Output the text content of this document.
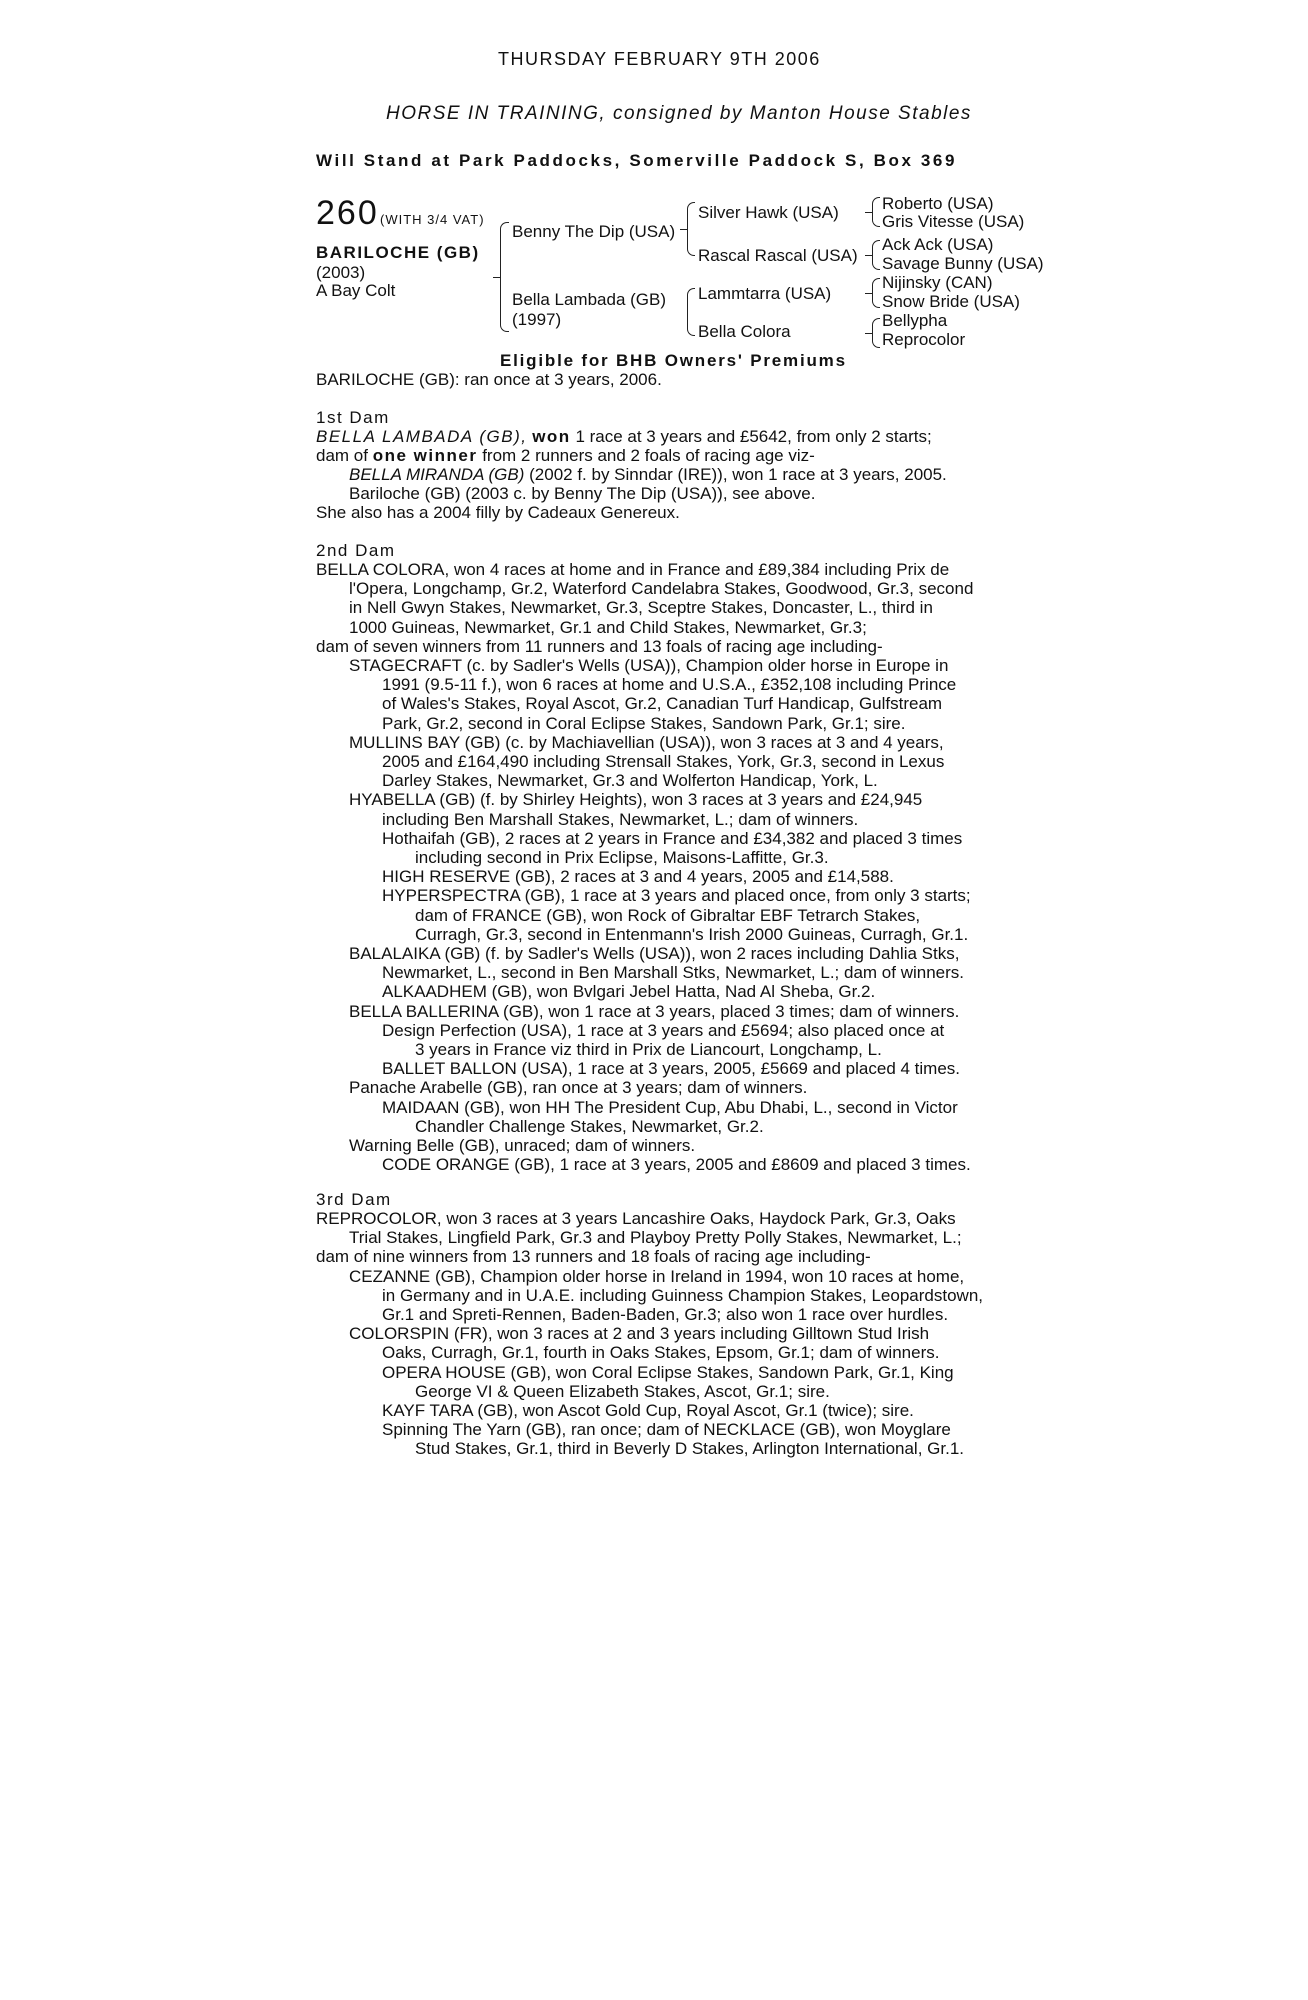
THURSDAY FEBRUARY 9TH 2006
HORSE IN TRAINING, consigned by Manton House Stables
Will Stand at Park Paddocks, Somerville Paddock S, Box 369
260 (WITH 3/4 VAT)
BARILOCHE (GB)
(2003)
A Bay Colt
Benny The Dip (USA)
Bella Lambada (GB)
(1997)
Silver Hawk (USA)
Rascal Rascal (USA)
Lammtarra (USA)
Bella Colora
Roberto (USA)
Gris Vitesse (USA)
Ack Ack (USA)
Savage Bunny (USA)
Nijinsky (CAN)
Snow Bride (USA)
Bellypha
Reprocolor
Eligible for BHB Owners' Premiums
BARILOCHE (GB): ran once at 3 years, 2006.
1st Dam
BELLA LAMBADA (GB), won 1 race at 3 years and £5642, from only 2 starts;
dam of one winner from 2 runners and 2 foals of racing age viz-
BELLA MIRANDA (GB) (2002 f. by Sinndar (IRE)), won 1 race at 3 years, 2005.
Bariloche (GB) (2003 c. by Benny The Dip (USA)), see above.
She also has a 2004 filly by Cadeaux Genereux.
2nd Dam
BELLA COLORA, won 4 races at home and in France and £89,384 including Prix de
l'Opera, Longchamp, Gr.2, Waterford Candelabra Stakes, Goodwood, Gr.3, second
in Nell Gwyn Stakes, Newmarket, Gr.3, Sceptre Stakes, Doncaster, L., third in
1000 Guineas, Newmarket, Gr.1 and Child Stakes, Newmarket, Gr.3;
dam of seven winners from 11 runners and 13 foals of racing age including-
STAGECRAFT (c. by Sadler's Wells (USA)), Champion older horse in Europe in
1991 (9.5-11 f.), won 6 races at home and U.S.A., £352,108 including Prince
of Wales's Stakes, Royal Ascot, Gr.2, Canadian Turf Handicap, Gulfstream
Park, Gr.2, second in Coral Eclipse Stakes, Sandown Park, Gr.1; sire.
MULLINS BAY (GB) (c. by Machiavellian (USA)), won 3 races at 3 and 4 years,
2005 and £164,490 including Strensall Stakes, York, Gr.3, second in Lexus
Darley Stakes, Newmarket, Gr.3 and Wolferton Handicap, York, L.
HYABELLA (GB) (f. by Shirley Heights), won 3 races at 3 years and £24,945
including Ben Marshall Stakes, Newmarket, L.; dam of winners.
Hothaifah (GB), 2 races at 2 years in France and £34,382 and placed 3 times
including second in Prix Eclipse, Maisons-Laffitte, Gr.3.
HIGH RESERVE (GB), 2 races at 3 and 4 years, 2005 and £14,588.
HYPERSPECTRA (GB), 1 race at 3 years and placed once, from only 3 starts;
dam of FRANCE (GB), won Rock of Gibraltar EBF Tetrarch Stakes,
Curragh, Gr.3, second in Entenmann's Irish 2000 Guineas, Curragh, Gr.1.
BALALAIKA (GB) (f. by Sadler's Wells (USA)), won 2 races including Dahlia Stks,
Newmarket, L., second in Ben Marshall Stks, Newmarket, L.; dam of winners.
ALKAADHEM (GB), won Bvlgari Jebel Hatta, Nad Al Sheba, Gr.2.
BELLA BALLERINA (GB), won 1 race at 3 years, placed 3 times; dam of winners.
Design Perfection (USA), 1 race at 3 years and £5694; also placed once at
3 years in France viz third in Prix de Liancourt, Longchamp, L.
BALLET BALLON (USA), 1 race at 3 years, 2005, £5669 and placed 4 times.
Panache Arabelle (GB), ran once at 3 years; dam of winners.
MAIDAAN (GB), won HH The President Cup, Abu Dhabi, L., second in Victor
Chandler Challenge Stakes, Newmarket, Gr.2.
Warning Belle (GB), unraced; dam of winners.
CODE ORANGE (GB), 1 race at 3 years, 2005 and £8609 and placed 3 times.
3rd Dam
REPROCOLOR, won 3 races at 3 years Lancashire Oaks, Haydock Park, Gr.3, Oaks
Trial Stakes, Lingfield Park, Gr.3 and Playboy Pretty Polly Stakes, Newmarket, L.;
dam of nine winners from 13 runners and 18 foals of racing age including-
CEZANNE (GB), Champion older horse in Ireland in 1994, won 10 races at home,
in Germany and in U.A.E. including Guinness Champion Stakes, Leopardstown,
Gr.1 and Spreti-Rennen, Baden-Baden, Gr.3; also won 1 race over hurdles.
COLORSPIN (FR), won 3 races at 2 and 3 years including Gilltown Stud Irish
Oaks, Curragh, Gr.1, fourth in Oaks Stakes, Epsom, Gr.1; dam of winners.
OPERA HOUSE (GB), won Coral Eclipse Stakes, Sandown Park, Gr.1, King
George VI & Queen Elizabeth Stakes, Ascot, Gr.1; sire.
KAYF TARA (GB), won Ascot Gold Cup, Royal Ascot, Gr.1 (twice); sire.
Spinning The Yarn (GB), ran once; dam of NECKLACE (GB), won Moyglare
Stud Stakes, Gr.1, third in Beverly D Stakes, Arlington International, Gr.1.
